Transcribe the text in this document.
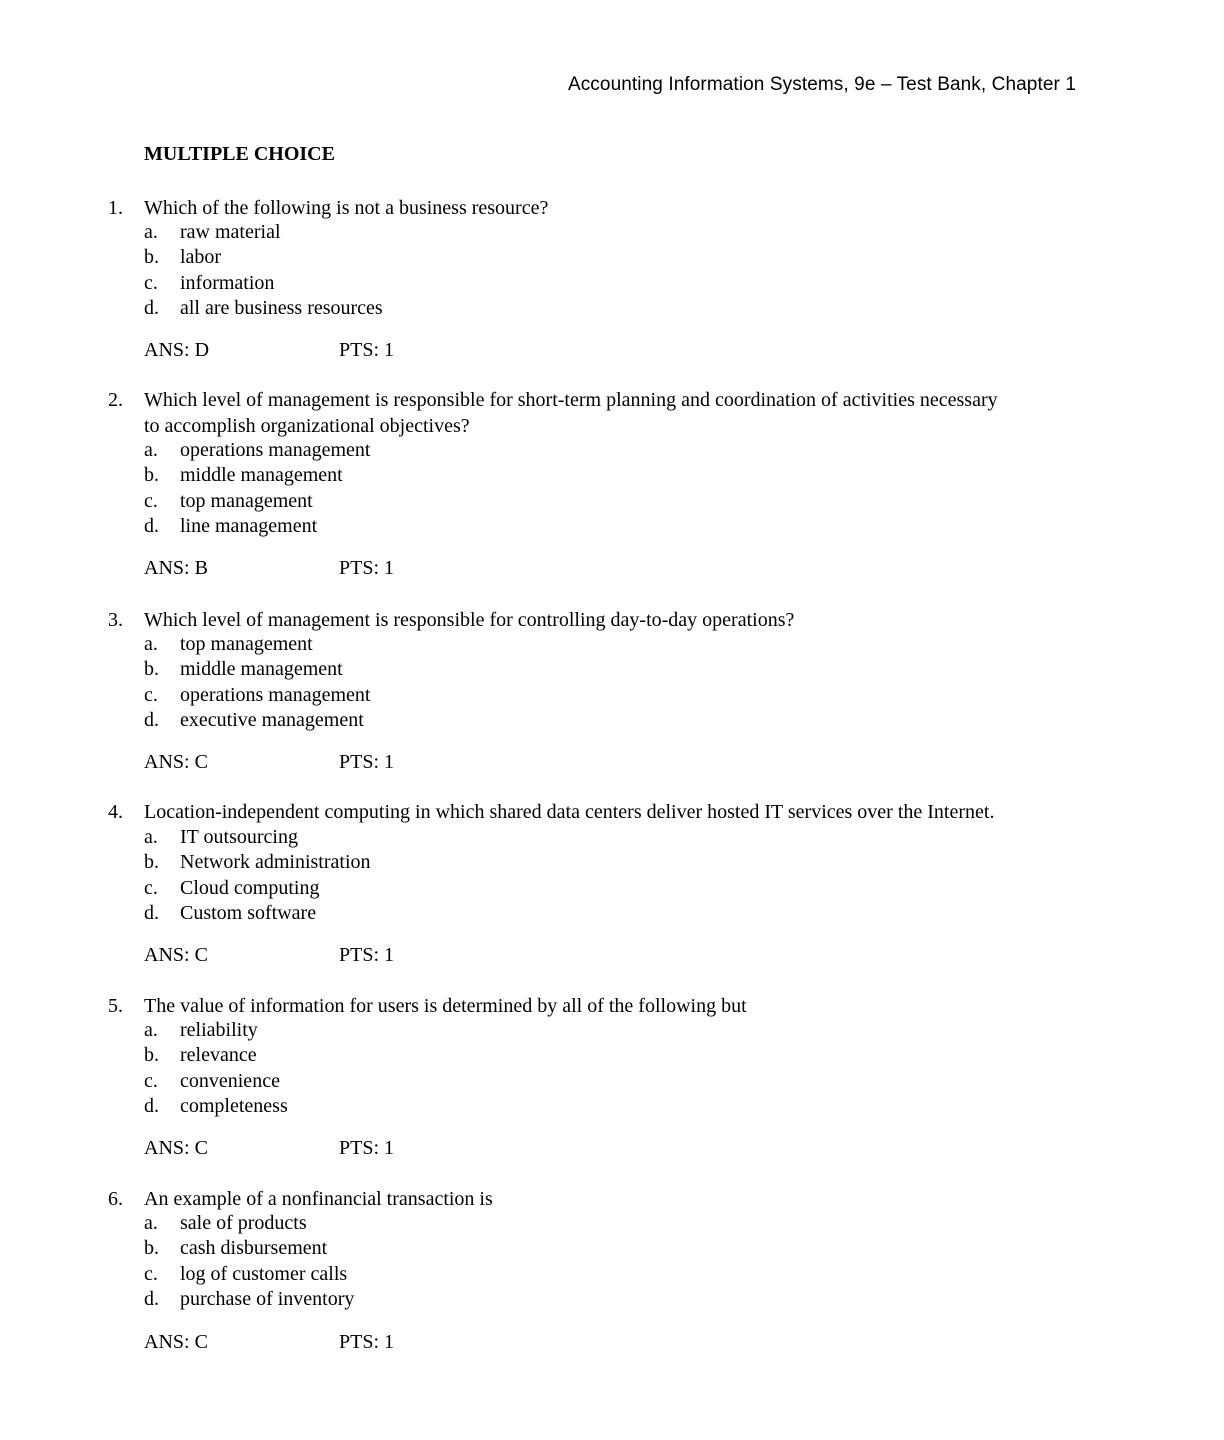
Accounting Information Systems, 9e – Test Bank, Chapter 1
MULTIPLE CHOICE
1. Which of the following is not a business resource?
a. raw material
b. labor
c. information
d. all are business resources
ANS: D	PTS: 1
2. Which level of management is responsible for short-term planning and coordination of activities necessary to accomplish organizational objectives?
a. operations management
b. middle management
c. top management
d. line management
ANS: B	PTS: 1
3. Which level of management is responsible for controlling day-to-day operations?
a. top management
b. middle management
c. operations management
d. executive management
ANS: C	PTS: 1
4. Location-independent computing in which shared data centers deliver hosted IT services over the Internet.
a. IT outsourcing
b. Network administration
c. Cloud computing
d. Custom software
ANS: C	PTS: 1
5. The value of information for users is determined by all of the following but
a. reliability
b. relevance
c. convenience
d. completeness
ANS: C	PTS: 1
6. An example of a nonfinancial transaction is
a. sale of products
b. cash disbursement
c. log of customer calls
d. purchase of inventory
ANS: C	PTS: 1
